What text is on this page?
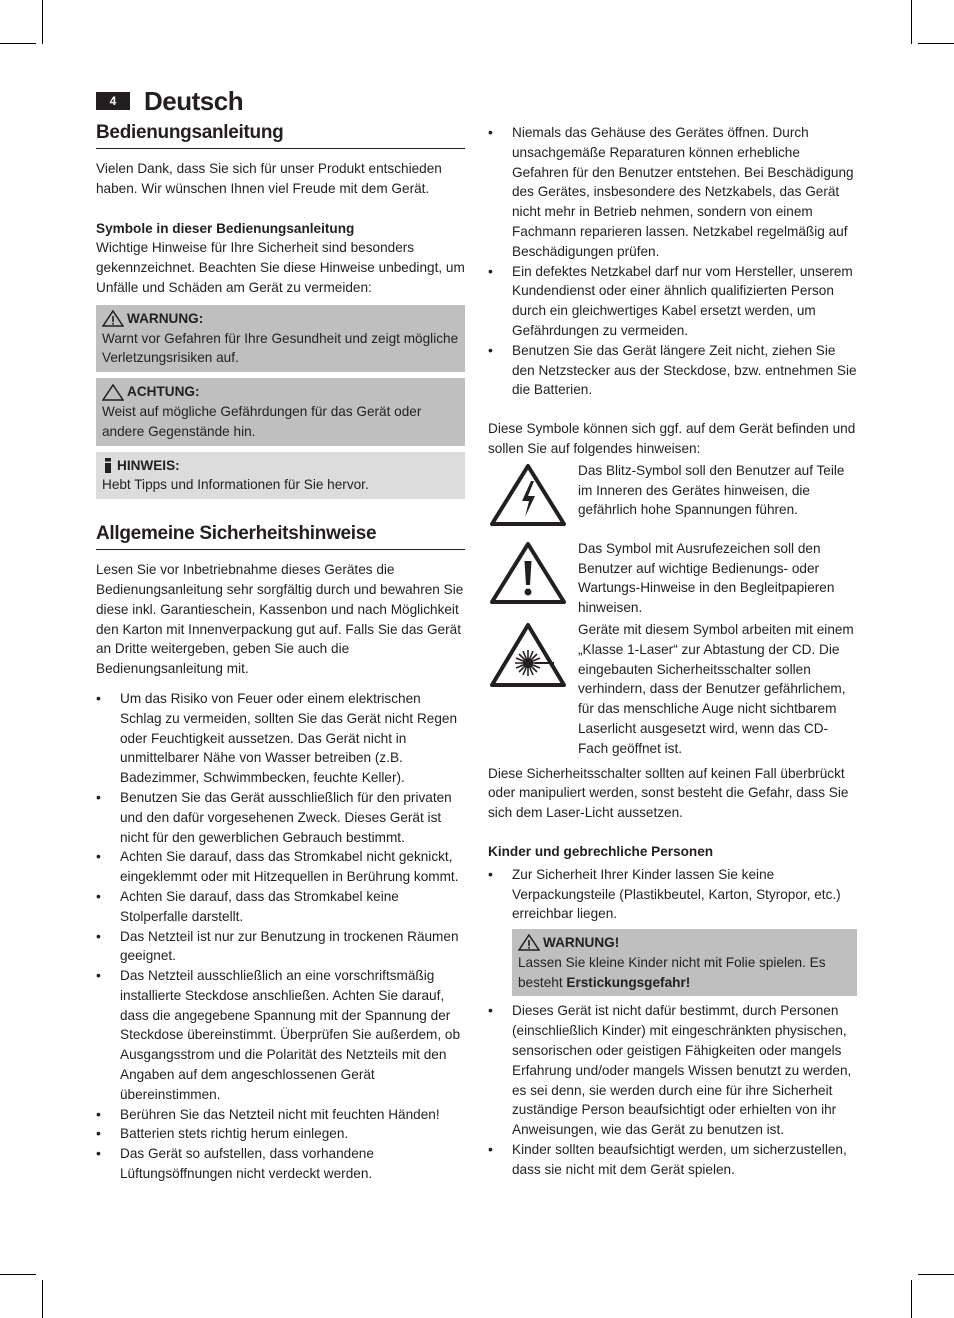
4	Deutsch
Bedienungsanleitung

Vielen Dank, dass Sie sich für unser Produkt entschieden haben. Wir wünschen Ihnen viel Freude mit dem Gerät.

Symbole in dieser Bedienungsanleitung

Wichtige Hinweise für Ihre Sicherheit sind besonders gekennzeichnet. Beachten Sie diese Hinweise unbedingt, um Unfälle und Schäden am Gerät zu vermeiden:

WARNUNG:

Warnt vor Gefahren für Ihre Gesundheit und zeigt mögliche Verletzungsrisiken auf.

ACHTUNG:

Weist auf mögliche Gefährdungen für das Gerät oder andere Gegenstände hin.

HINWEIS:

Hebt Tipps und Informationen für Sie hervor.

Allgemeine Sicherheitshinweise

Lesen Sie vor Inbetriebnahme dieses Gerätes die Bedienungsanleitung sehr sorgfältig durch und bewahren Sie diese inkl. Garantieschein, Kassenbon und nach Möglichkeit den Karton mit Innenverpackung gut auf. Falls Sie das Gerät an Dritte weitergeben, geben Sie auch die Bedienungsanleitung mit.

• Um das Risiko von Feuer oder einem elektrischen Schlag zu vermeiden, sollten Sie das Gerät nicht Regen oder Feuchtigkeit aussetzen. Das Gerät nicht in unmittelbarer Nähe von Wasser betreiben (z.B. Badezimmer, Schwimmbecken, feuchte Keller).
• Benutzen Sie das Gerät ausschließlich für den privaten und den dafür vorgesehenen Zweck. Dieses Gerät ist nicht für den gewerblichen Gebrauch bestimmt.
• Achten Sie darauf, dass das Stromkabel nicht geknickt, eingeklemmt oder mit Hitzequellen in Berührung kommt.
• Achten Sie darauf, dass das Stromkabel keine Stolperfalle darstellt.
• Das Netzteil ist nur zur Benutzung in trockenen Räumen geeignet.
• Das Netzteil ausschließlich an eine vorschriftsmäßig installierte Steckdose anschließen. Achten Sie darauf, dass die angegebene Spannung mit der Spannung der Steckdose übereinstimmt. Überprüfen Sie außerdem, ob Ausgangsstrom und die Polarität des Netzteils mit den Angaben auf dem angeschlossenen Gerät übereinstimmen.
• Berühren Sie das Netzteil nicht mit feuchten Händen!
• Batterien stets richtig herum einlegen.
• Das Gerät so aufstellen, dass vorhandene Lüftungsöffnungen nicht verdeckt werden.
• Niemals das Gehäuse des Gerätes öffnen. Durch unsachgemäße Reparaturen können erhebliche Gefahren für den Benutzer entstehen. Bei Beschädigung des Gerätes, insbesondere des Netzkabels, das Gerät nicht mehr in Betrieb nehmen, sondern von einem Fachmann reparieren lassen. Netzkabel regelmäßig auf Beschädigungen prüfen.
• Ein defektes Netzkabel darf nur vom Hersteller, unserem Kundendienst oder einer ähnlich qualifizierten Person durch ein gleichwertiges Kabel ersetzt werden, um Gefährdungen zu vermeiden.
• Benutzen Sie das Gerät längere Zeit nicht, ziehen Sie den Netzstecker aus der Steckdose, bzw. entnehmen Sie die Batterien.

Diese Symbole können sich ggf. auf dem Gerät befinden und sollen Sie auf folgendes hinweisen:

Das Blitz-Symbol soll den Benutzer auf Teile im Inneren des Gerätes hinweisen, die gefährlich hohe Spannungen führen.
Das Symbol mit Ausrufezeichen soll den Benutzer auf wichtige Bedienungs- oder Wartungs-Hinweise in den Begleitpapieren hinweisen.
Geräte mit diesem Symbol arbeiten mit einem „Klasse 1-Laser“ zur Abtastung der CD. Die eingebauten Sicherheitsschalter sollen verhindern, dass der Benutzer gefährlichem, für das menschliche Auge nicht sichtbarem Laserlicht ausgesetzt wird, wenn das CD-Fach geöffnet ist.

Diese Sicherheitsschalter sollten auf keinen Fall überbrückt oder manipuliert werden, sonst besteht die Gefahr, dass Sie sich dem Laser-Licht aussetzen.

Kinder und gebrechliche Personen
• Zur Sicherheit Ihrer Kinder lassen Sie keine Verpackungsteile (Plastikbeutel, Karton, Styropor, etc.) erreichbar liegen.
WARNUNG!

Lassen Sie kleine Kinder nicht mit Folie spielen. Es besteht Erstickungsgefahr!

• Dieses Gerät ist nicht dafür bestimmt, durch Personen (einschließlich Kinder) mit eingeschränkten physischen, sensorischen oder geistigen Fähigkeiten oder mangels Erfahrung und/oder mangels Wissen benutzt zu werden, es sei denn, sie werden durch eine für ihre Sicherheit zuständige Person beaufsichtigt oder erhielten von ihr Anweisungen, wie das Gerät zu benutzen ist.
• Kinder sollten beaufsichtigt werden, um sicherzustellen, dass sie nicht mit dem Gerät spielen.
